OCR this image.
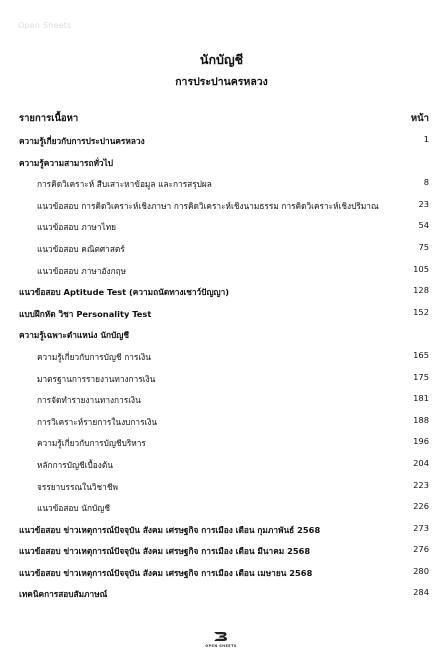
Open Sheets
นักบัญชี
การประปานครหลวง
รายการเนื้อหา	หน้า
ความรู้เกี่ยวกับการประปานครหลวง	1
ความรู้ความสามารถทั่วไป
การคิดวิเคราะห์ สืบเสาะหาข้อมูล และการสรุปผล	8
แนวข้อสอบ การคิดวิเคราะห์เชิงภาษา การคิดวิเคราะห์เชิงนามธรรม การคิดวิเคราะห์เชิงปริมาณ	23
แนวข้อสอบ ภาษาไทย	54
แนวข้อสอบ คณิตศาสตร์	75
แนวข้อสอบ ภาษาอังกฤษ	105
แนวข้อสอบ Aptitude Test (ความถนัดทางเชาว์ปัญญา)	128
แบบฝึกหัด วิชา Personality Test	152
ความรู้เฉพาะตำแหน่ง นักบัญชี
ความรู้เกี่ยวกับการบัญชี การเงิน	165
มาตรฐานการรายงานทางการเงิน	175
การจัดทำรายงานทางการเงิน	181
การวิเคราะห์รายการในงบการเงิน	188
ความรู้เกี่ยวกับการบัญชีบริหาร	196
หลักการบัญชีเบื้องต้น	204
จรรยาบรรณในวิชาชีพ	223
แนวข้อสอบ นักบัญชี	226
แนวข้อสอบ ข่าวเหตุการณ์ปัจจุบัน สังคม เศรษฐกิจ การเมือง เดือน กุมภาพันธ์ 2568	273
แนวข้อสอบ ข่าวเหตุการณ์ปัจจุบัน สังคม เศรษฐกิจ การเมือง เดือน มีนาคม 2568	276
แนวข้อสอบ ข่าวเหตุการณ์ปัจจุบัน สังคม เศรษฐกิจ การเมือง เดือน เมษายน 2568	280
เทคนิคการสอบสัมภาษณ์	284
OPEN SHEETS
